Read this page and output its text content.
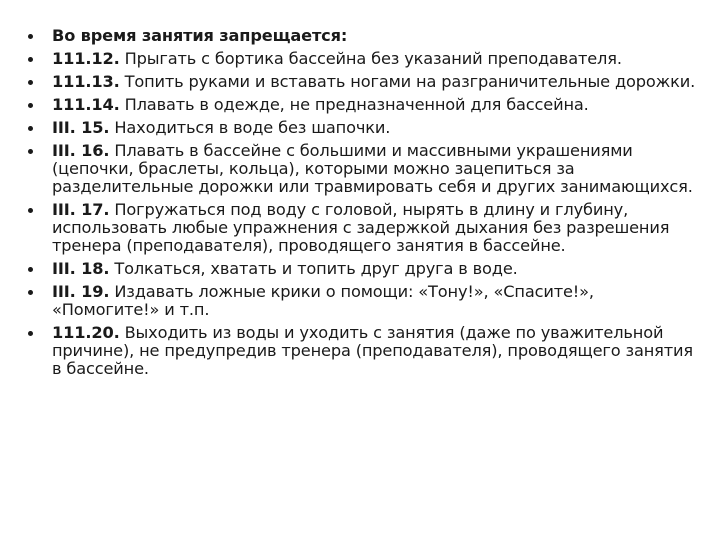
Во время занятия запрещается:
111.12. Прыгать с бортика бассейна без указаний преподавателя.
111.13. Топить руками и вставать ногами на разграничительные дорожки.
111.14. Плавать в одежде, не предназначенной для бассейна.
III. 15. Находиться в воде без шапочки.
III. 16. Плавать в бассейне с большими и массивными украшениями (цепочки, браслеты, кольца), которыми можно зацепиться за разделительные дорожки или травмировать себя и других занимающихся.
III. 17. Погружаться под воду с головой, нырять в длину и глубину, использовать любые упражнения с задержкой дыхания без разрешения тренера (преподавателя), проводящего занятия в бассейне.
III. 18. Толкаться, хватать и топить друг друга в воде.
III. 19. Издавать ложные крики о помощи: «Тону!», «Спасите!», «Помогите!» и т.п.
111.20. Выходить из воды и уходить с занятия (даже по уважительной причине), не предупредив тренера (преподавателя), проводящего занятия в бассейне.
